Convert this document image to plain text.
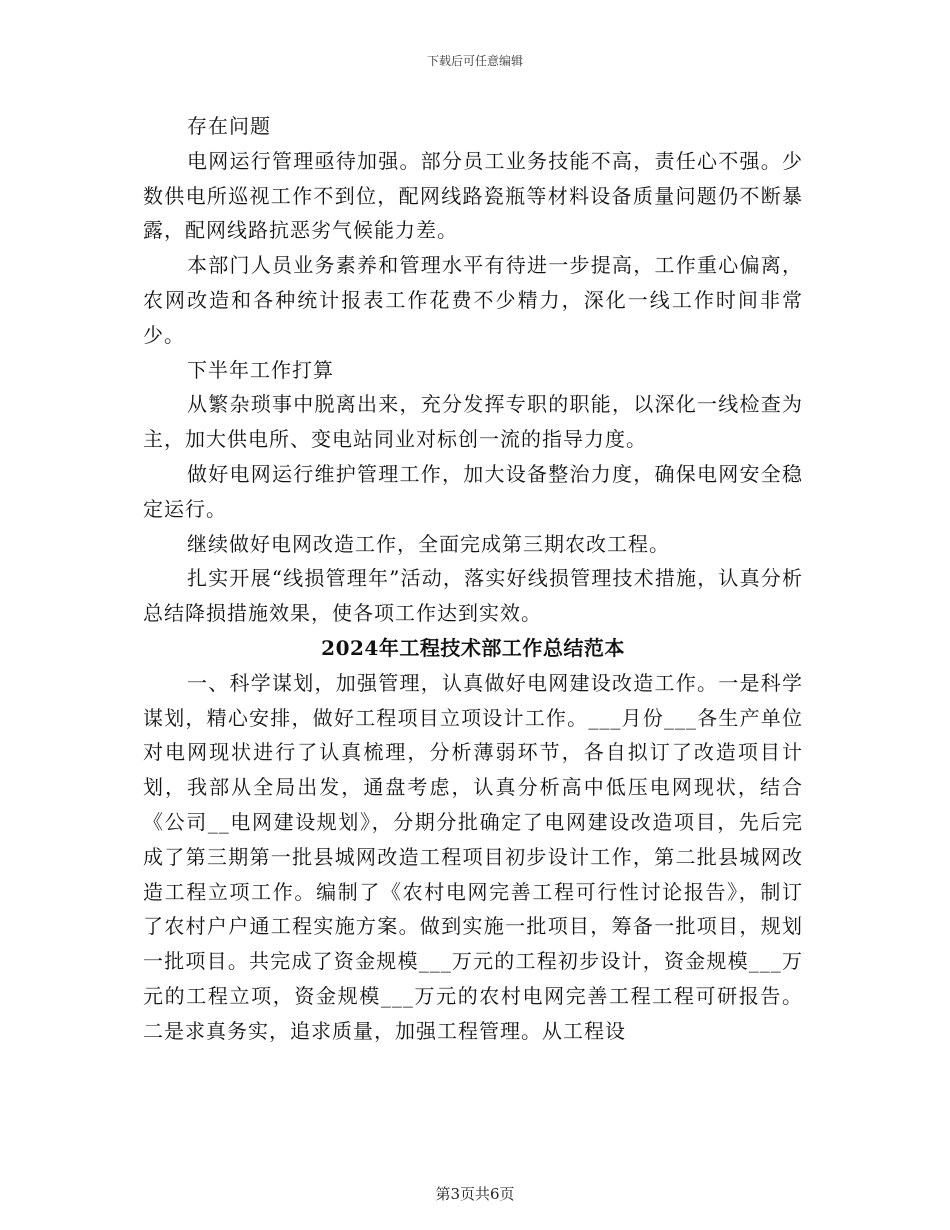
下载后可任意编辑

存在问题

电网运行管理亟待加强。部分员工业务技能不高，责任心不强。少数供电所巡视工作不到位，配网线路瓷瓶等材料设备质量问题仍不断暴露，配网线路抗恶劣气候能力差。

本部门人员业务素养和管理水平有待进一步提高，工作重心偏离，农网改造和各种统计报表工作花费不少精力，深化一线工作时间非常少。

下半年工作打算

从繁杂琐事中脱离出来，充分发挥专职的职能，以深化一线检查为主，加大供电所、变电站同业对标创一流的指导力度。

做好电网运行维护管理工作，加大设备整治力度，确保电网安全稳定运行。

继续做好电网改造工作，全面完成第三期农改工程。

扎实开展“线损管理年”活动，落实好线损管理技术措施，认真分析总结降损措施效果，使各项工作达到实效。

2024年工程技术部工作总结范本

一、科学谋划，加强管理，认真做好电网建设改造工作。一是科学谋划，精心安排，做好工程项目立项设计工作。___月份___各生产单位对电网现状进行了认真梳理，分析薄弱环节，各自拟订了改造项目计划，我部从全局出发，通盘考虑，认真分析高中低压电网现状，结合《公司__电网建设规划》，分期分批确定了电网建设改造项目，先后完成了第三期第一批县城网改造工程项目初步设计工作，第二批县城网改造工程立项工作。编制了《农村电网完善工程可行性讨论报告》，制订了农村户户通工程实施方案。做到实施一批项目，筹备一批项目，规划一批项目。共完成了资金规模___万元的工程初步设计，资金规模___万元的工程立项，资金规模___万元的农村电网完善工程工程可研报告。二是求真务实，追求质量，加强工程管理。从工程设

第3页共6页
